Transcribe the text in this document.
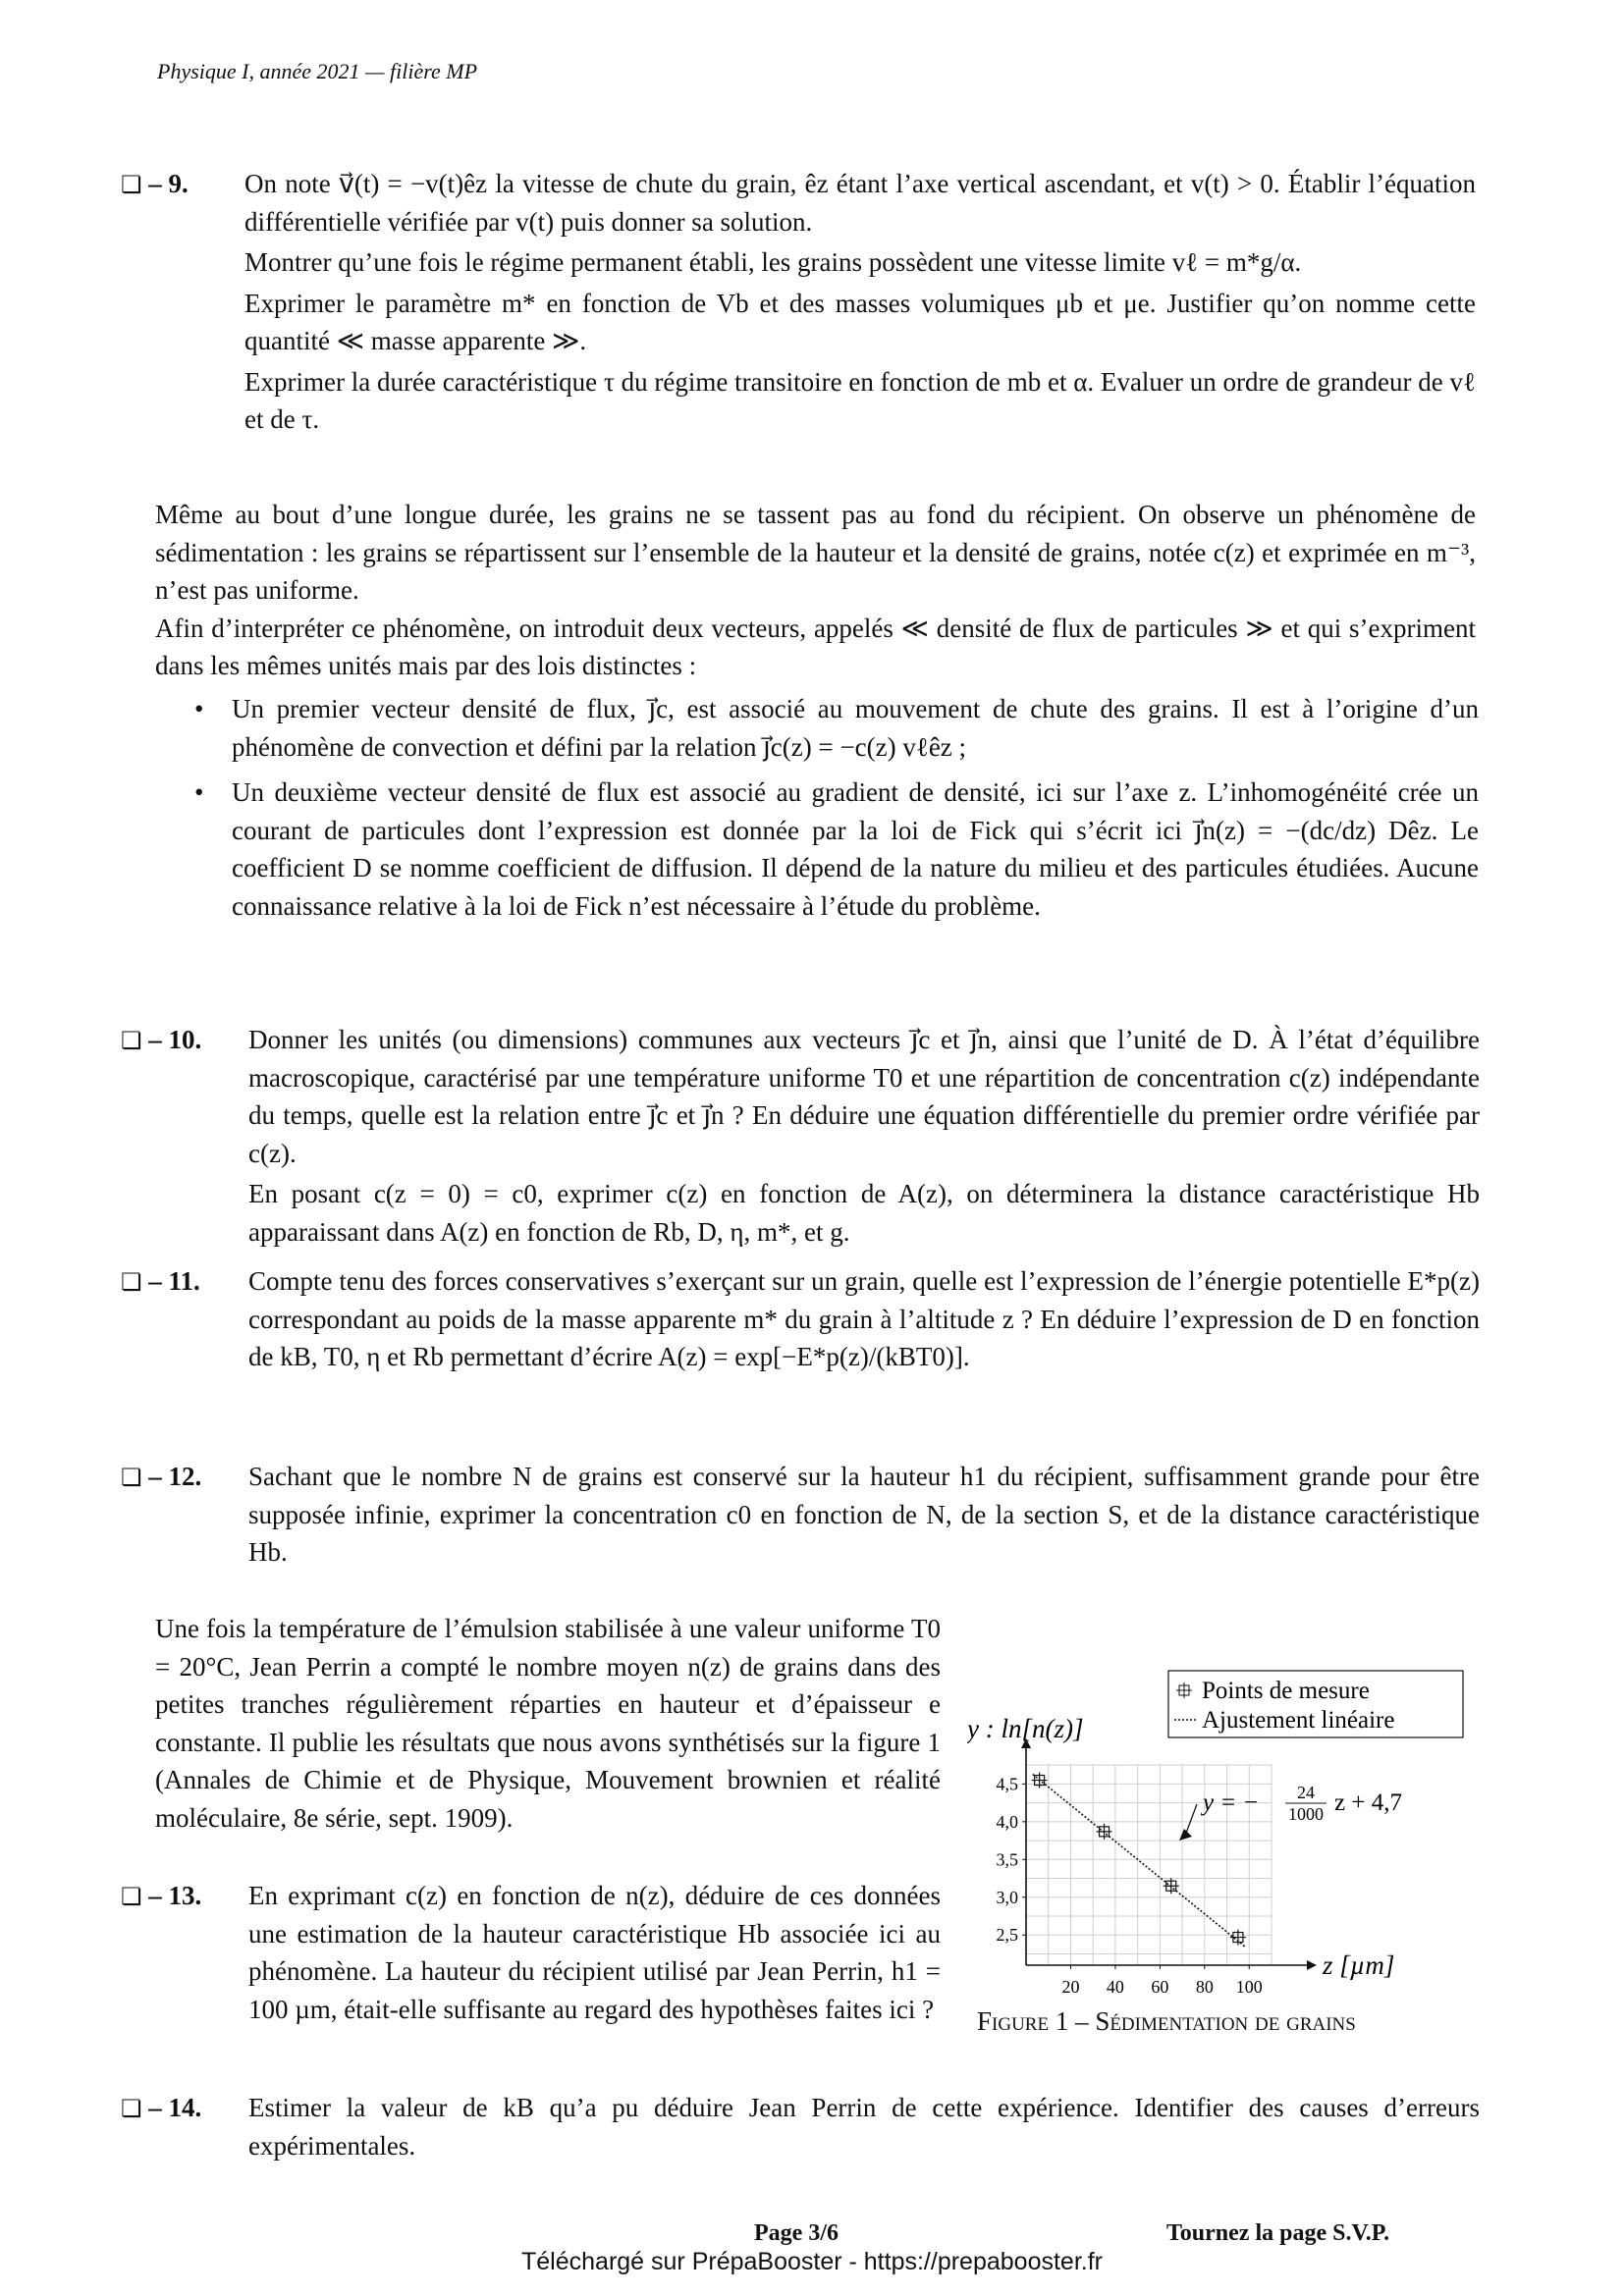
Physique I, année 2021 — filière MP
❏ – 9. On note v⃗(t) = −v(t)êz la vitesse de chute du grain, êz étant l’axe vertical ascendant, et v(t) > 0. Établir l’équation différentielle vérifiée par v(t) puis donner sa solution.

Montrer qu’une fois le régime permanent établi, les grains possèdent une vitesse limite vℓ = m*g/α.

Exprimer le paramètre m* en fonction de Vb et des masses volumiques μb et μe. Justifier qu’on nomme cette quantité ≪ masse apparente ≫.

Exprimer la durée caractéristique τ du régime transitoire en fonction de mb et α. Evaluer un ordre de grandeur de vℓ et de τ.

Même au bout d’une longue durée, les grains ne se tassent pas au fond du récipient. On observe un phénomène de sédimentation : les grains se répartissent sur l’ensemble de la hauteur et la densité de grains, notée c(z) et exprimée en m⁻³, n’est pas uniforme.

Afin d’interpréter ce phénomène, on introduit deux vecteurs, appelés ≪ densité de flux de particules ≫ et qui s’expriment dans les mêmes unités mais par des lois distinctes :

• Un premier vecteur densité de flux, j⃗c, est associé au mouvement de chute des grains. Il est à l’origine d’un phénomène de convection et défini par la relation j⃗c(z) = −c(z) vℓêz ;
• Un deuxième vecteur densité de flux est associé au gradient de densité, ici sur l’axe z. L’inhomogénéité crée un courant de particules dont l’expression est donnée par la loi de Fick qui s’écrit ici j⃗n(z) = −(dc/dz) Dêz. Le coefficient D se nomme coefficient de diffusion. Il dépend de la nature du milieu et des particules étudiées. Aucune connaissance relative à la loi de Fick n’est nécessaire à l’étude du problème.
❏ – 10. Donner les unités (ou dimensions) communes aux vecteurs j⃗c et j⃗n, ainsi que l’unité de D. À l’état d’équilibre macroscopique, caractérisé par une température uniforme T0 et une répartition de concentration c(z) indépendante du temps, quelle est la relation entre j⃗c et j⃗n ? En déduire une équation différentielle du premier ordre vérifiée par c(z).

En posant c(z = 0) = c0, exprimer c(z) en fonction de A(z), on déterminera la distance caractéristique Hb apparaissant dans A(z) en fonction de Rb, D, η, m*, et g.

❏ – 11. Compte tenu des forces conservatives s’exerçant sur un grain, quelle est l’expression de l’énergie potentielle E*p(z) correspondant au poids de la masse apparente m* du grain à l’altitude z ? En déduire l’expression de D en fonction de kB, T0, η et Rb permettant d’écrire A(z) = exp[−E*p(z)/(kBT0)].

❏ – 12. Sachant que le nombre N de grains est conservé sur la hauteur h1 du récipient, suffisamment grande pour être supposée infinie, exprimer la concentration c0 en fonction de N, de la section S, et de la distance caractéristique Hb.

Une fois la température de l’émulsion stabilisée à une valeur uniforme T0 = 20°C, Jean Perrin a compté le nombre moyen n(z) de grains dans des petites tranches régulièrement réparties en hauteur et d’épaisseur e constante. Il publie les résultats que nous avons synthétisés sur la figure 1 (Annales de Chimie et de Physique, Mouvement brownien et réalité moléculaire, 8e série, sept. 1909).
❏ – 13. En exprimant c(z) en fonction de n(z), déduire de ces données une estimation de la hauteur caractéristique Hb associée ici au phénomène. La hauteur du récipient utilisé par Jean Perrin, h1 = 100 µm, était-elle suffisante au regard des hypothèses faites ici ?

❏ – 14. Estimer la valeur de kB qu’a pu déduire Jean Perrin de cette expérience. Identifier des causes d’erreurs expérimentales.

z [µm]
y : ln[n(z)]
20 40 60 80 100
2,5
3,0
3,5
4,0
4,5
Points de mesure
Ajustement linéaire
y = − 24
1000 z + 4,7
Figure 1 – Sédimentation de grains
Page 3/6	Tournez la page S.V.P.
Téléchargé sur PrépaBooster - https://prepabooster.fr
